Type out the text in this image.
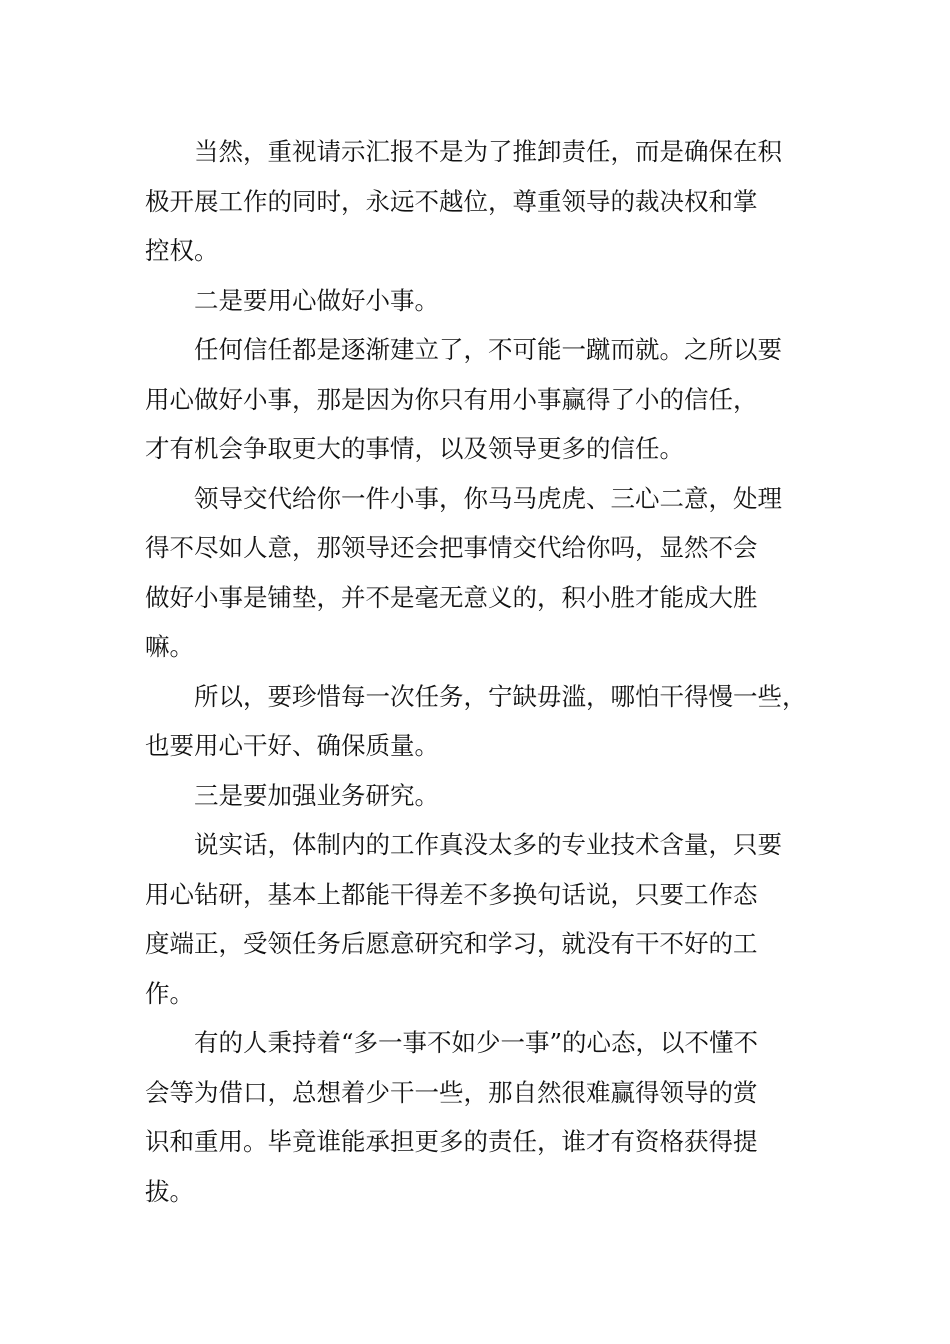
当然，重视请示汇报不是为了推卸责任，而是确保在积
极开展工作的同时，永远不越位，尊重领导的裁决权和掌
控权。

二是要用心做好小事。

任何信任都是逐渐建立了，不可能一蹴而就。之所以要
用心做好小事，那是因为你只有用小事赢得了小的信任，
才有机会争取更大的事情，以及领导更多的信任。

领导交代给你一件小事，你马马虎虎、三心二意，处理
得不尽如人意，那领导还会把事情交代给你吗，显然不会
做好小事是铺垫，并不是毫无意义的，积小胜才能成大胜
嘛。

所以，要珍惜每一次任务，宁缺毋滥，哪怕干得慢一些，
也要用心干好、确保质量。

三是要加强业务研究。

说实话，体制内的工作真没太多的专业技术含量，只要
用心钻研，基本上都能干得差不多换句话说，只要工作态
度端正，受领任务后愿意研究和学习，就没有干不好的工
作。

有的人秉持着“多一事不如少一事”的心态，以不懂不
会等为借口，总想着少干一些，那自然很难赢得领导的赏
识和重用。毕竟谁能承担更多的责任，谁才有资格获得提
拔。
